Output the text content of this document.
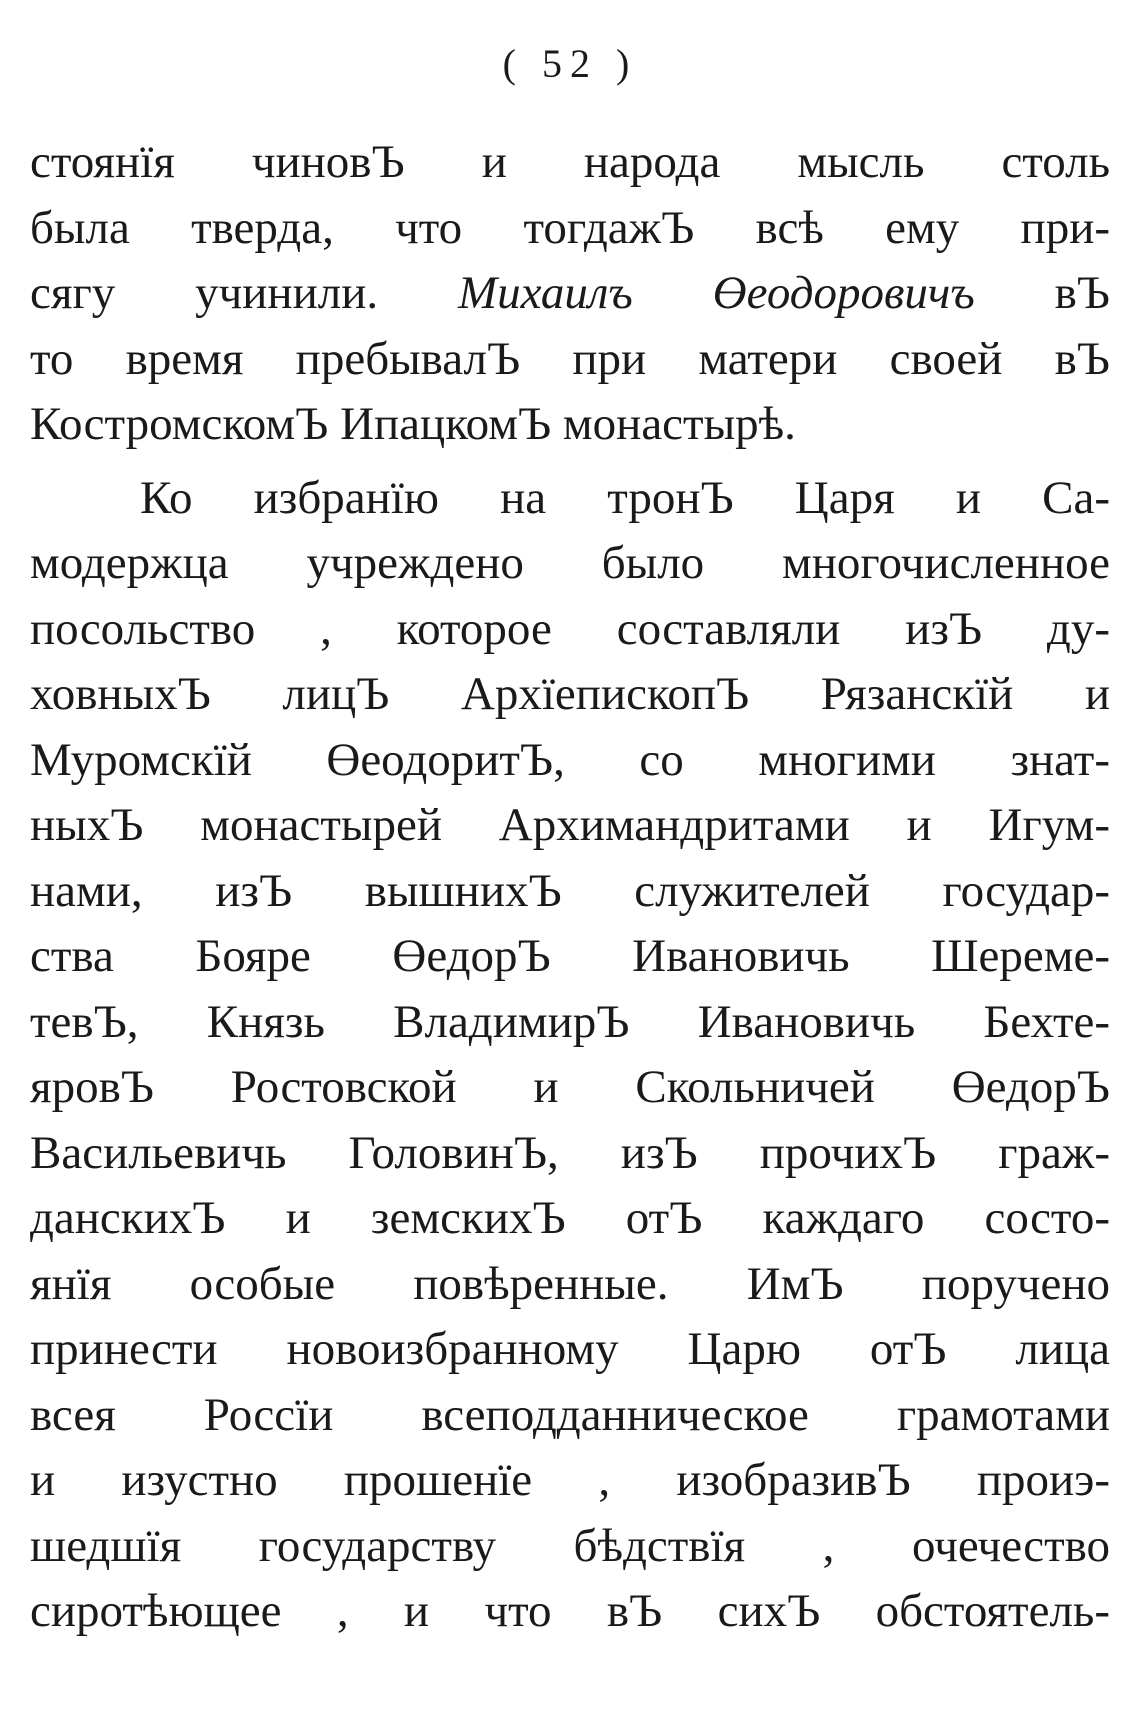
( 52 )
стоянїя чиновЪ и народа мысль столь
была тверда, что тогдажЪ всѣ ему при-
сягу учинили. Михаилъ Өеодоровичъ вЪ
то время пребывалЪ при матери своей вЪ
КостромскомЪ ИпацкомЪ монастырѣ.
Ко избранїю на тронЪ Царя и Са-
модержца учреждено было многочисленное
посольство , которое составляли изЪ ду-
ховныхЪ лицЪ АрхїепископЪ Рязанскїй и
Муромскїй ӨеодоритЪ, со многими знат-
ныхЪ монастырей Архимандритами и Игум-
нами, изЪ вышнихЪ служителей государ-
ства Бояре ӨедорЪ Ивановичь Шереме-
тевЪ, Князь ВладимирЪ Ивановичь Бехте-
яровЪ Ростовской и Скольничей ӨедорЪ
Васильевичь ГоловинЪ, изЪ прочихЪ граж-
данскихЪ и земскихЪ отЪ каждаго состо-
янїя особые повѣренные. ИмЪ поручено
принести новоизбранному Царю отЪ лица
всея Россїи всеподданническое грамотами
и изустно прошенїе , изобразивЪ проиэ-
шедшїя государству бѣдствїя , очечество
сиротѣющее , и что вЪ сихЪ обстоятель-
